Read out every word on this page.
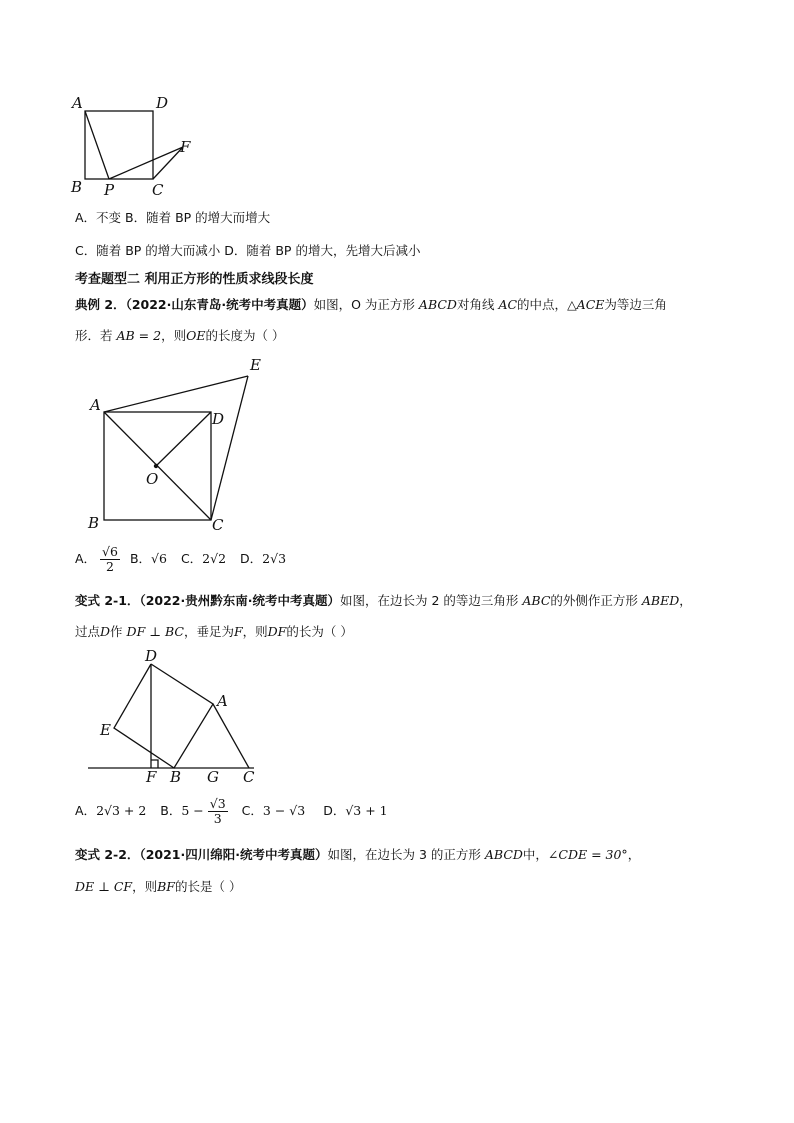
A	D
B P	C
F
A．不变 B．随着 BP 的增大而增大
C．随着 BP 的增大而减小 D．随着 BP 的增大，先增大后减小
考查题型二 利用正方形的性质求线段长度
典例 2．（2022·山东青岛·统考中考真题）如图，O 为正方形 ABCD对角线 AC的中点，△ACE为等边三角
形．若 AB = 2，则OE的长度为（ ）
A
D
B	C
E
O
A． $\frac{√6}{2}$ B．√6 C．2√2 D．2√3
变式 2-1．（2022·贵州黔东南·统考中考真题）如图，在边长为 2 的等边三角形 ABC的外侧作正方形 ABED，
过点D作 DF ⊥ BC，垂足为F，则DF的长为（ ）
D
A
E
F B G C
A．2√3 + 2 B．$5 - \frac{√3}{3}$ C．3 − √3 D．√3 + 1
变式 2-2．（2021·四川绵阳·统考中考真题）如图，在边长为 3 的正方形 ABCD中，∠CDE = 30°，
DE ⊥ CF，则BF的长是（ ）
